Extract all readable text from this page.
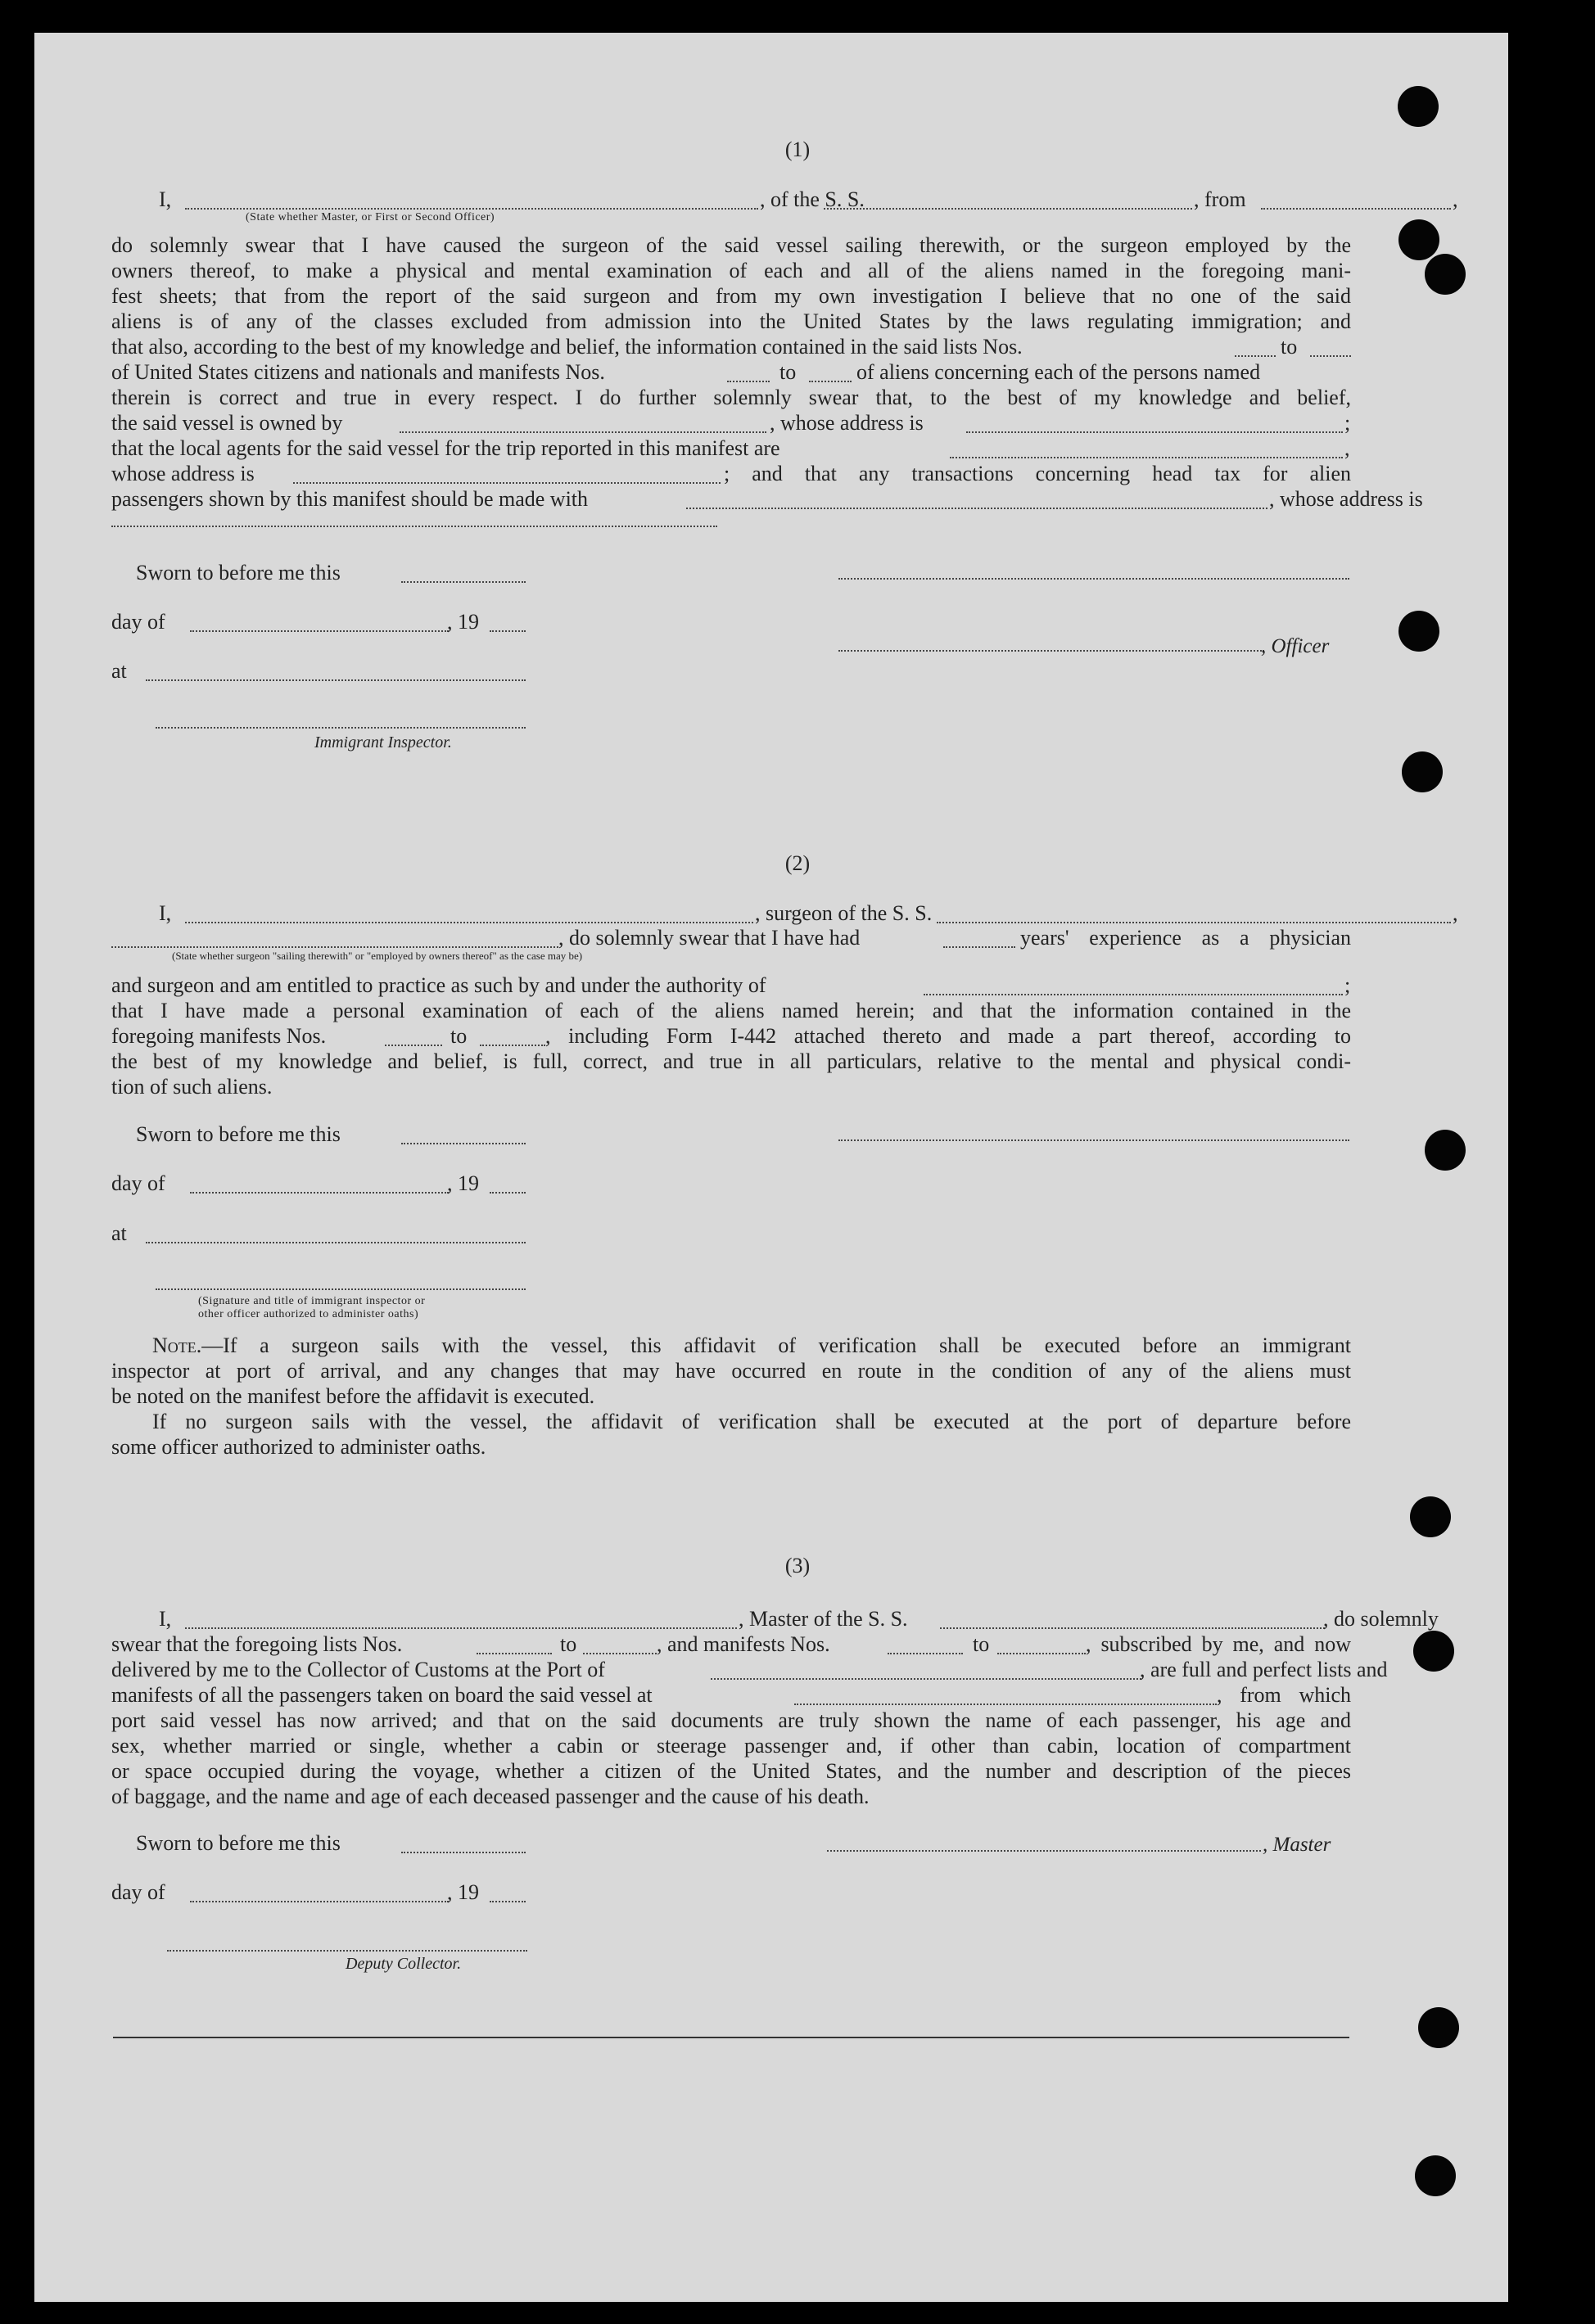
(1)
I,	, of the S. S.	, from	,
(State whether Master, or First or Second Officer)
do solemnly swear that I have caused the surgeon of the said vessel sailing therewith, or the surgeon employed by the
owners thereof, to make a physical and mental examination of each and all of the aliens named in the foregoing mani-
fest sheets; that from the report of the said surgeon and from my own investigation I believe that no one of the said
aliens is of any of the classes excluded from admission into the United States by the laws regulating immigration; and
that also, according to the best of my knowledge and belief, the information contained in the said lists Nos.	to
of United States citizens and nationals and manifests Nos.	to	of aliens concerning each of the persons named
therein is correct and true in every respect. I do further solemnly swear that, to the best of my knowledge and belief,
the said vessel is owned by	, whose address is	;
that the local agents for the said vessel for the trip reported in this manifest are	,
whose address is	; and that any transactions concerning head tax for alien
passengers shown by this manifest should be made with	, whose address is
Sworn to before me this
day of	, 19
, Officer
at
Immigrant Inspector.
(2)
I,	, surgeon of the S. S.	,
, do solemnly swear that I have had	years' experience as a physician
(State whether surgeon "sailing therewith" or "employed by owners thereof" as the case may be)
and surgeon and am entitled to practice as such by and under the authority of	;
that I have made a personal examination of each of the aliens named herein; and that the information contained in the
foregoing manifests Nos.	to	, including Form I-442 attached thereto and made a part thereof, according to
the best of my knowledge and belief, is full, correct, and true in all particulars, relative to the mental and physical condi-
tion of such aliens.
Sworn to before me this
day of	, 19
at
(Signature and title of immigrant inspector or
other officer authorized to administer oaths)
Note.—If a surgeon sails with the vessel, this affidavit of verification shall be executed before an immigrant
inspector at port of arrival, and any changes that may have occurred en route in the condition of any of the aliens must
be noted on the manifest before the affidavit is executed.
If no surgeon sails with the vessel, the affidavit of verification shall be executed at the port of departure before
some officer authorized to administer oaths.
(3)
I,	, Master of the S. S.	, do solemnly
swear that the foregoing lists Nos.	to	, and manifests Nos.	to	, subscribed by me, and now
delivered by me to the Collector of Customs at the Port of	, are full and perfect lists and
manifests of all the passengers taken on board the said vessel at	, from which
port said vessel has now arrived; and that on the said documents are truly shown the name of each passenger, his age and
sex, whether married or single, whether a cabin or steerage passenger and, if other than cabin, location of compartment
or space occupied during the voyage, whether a citizen of the United States, and the number and description of the pieces
of baggage, and the name and age of each deceased passenger and the cause of his death.
Sworn to before me this	, Master
day of	, 19
Deputy Collector.
